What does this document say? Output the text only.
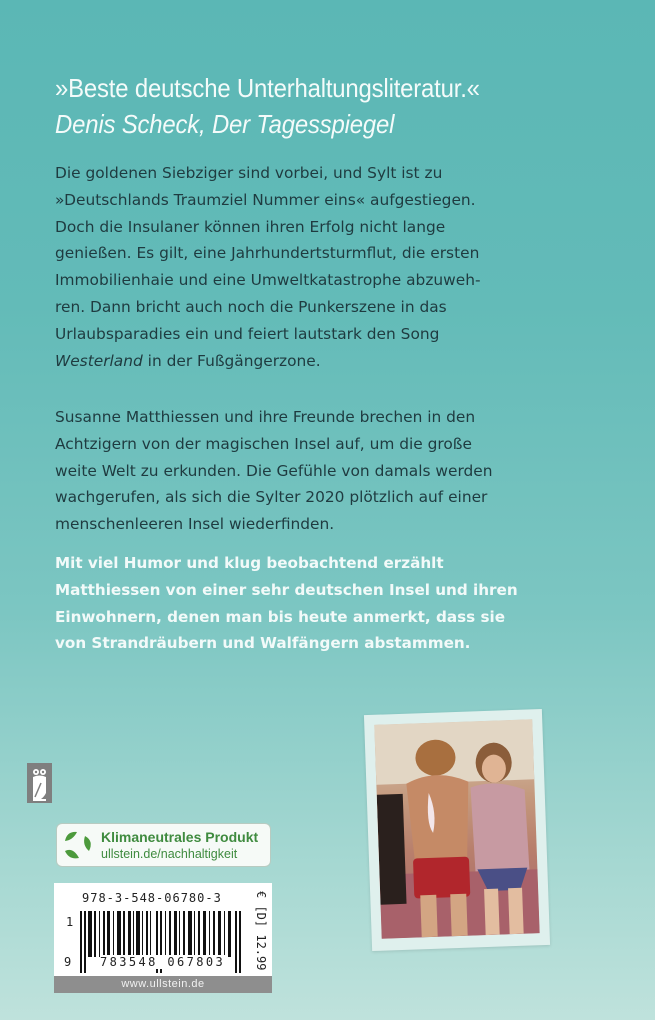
»Beste deutsche Unterhaltungsliteratur.«
Denis Scheck, Der Tagesspiegel
Die goldenen Siebziger sind vorbei, und Sylt ist zu
»Deutschlands Traumziel Nummer eins« aufgestiegen.
Doch die Insulaner können ihren Erfolg nicht lange
genießen. Es gilt, eine Jahrhundertsturmflut, die ersten
Immobilienhaie und eine Umweltkatastrophe abzuweh-
ren. Dann bricht auch noch die Punkerszene in das
Urlaubsparadies ein und feiert lautstark den Song
Westerland in der Fußgängerzone.
Susanne Matthiessen und ihre Freunde brechen in den
Achtzigern von der magischen Insel auf, um die große
weite Welt zu erkunden. Die Gefühle von damals werden
wachgerufen, als sich die Sylter 2020 plötzlich auf einer
menschenleeren Insel wiederfinden.
Mit viel Humor und klug beobachtend erzählt
Matthiessen von einer sehr deutschen Insel und ihren
Einwohnern, denen man bis heute anmerkt, dass sie
von Strandräubern und Walfängern abstammen.
Klimaneutrales Produkt
ullstein.de/nachhaltigkeit
978-3-548-06780-3
1
9 783548 067803	€ [D] 12.99
www.ullstein.de
